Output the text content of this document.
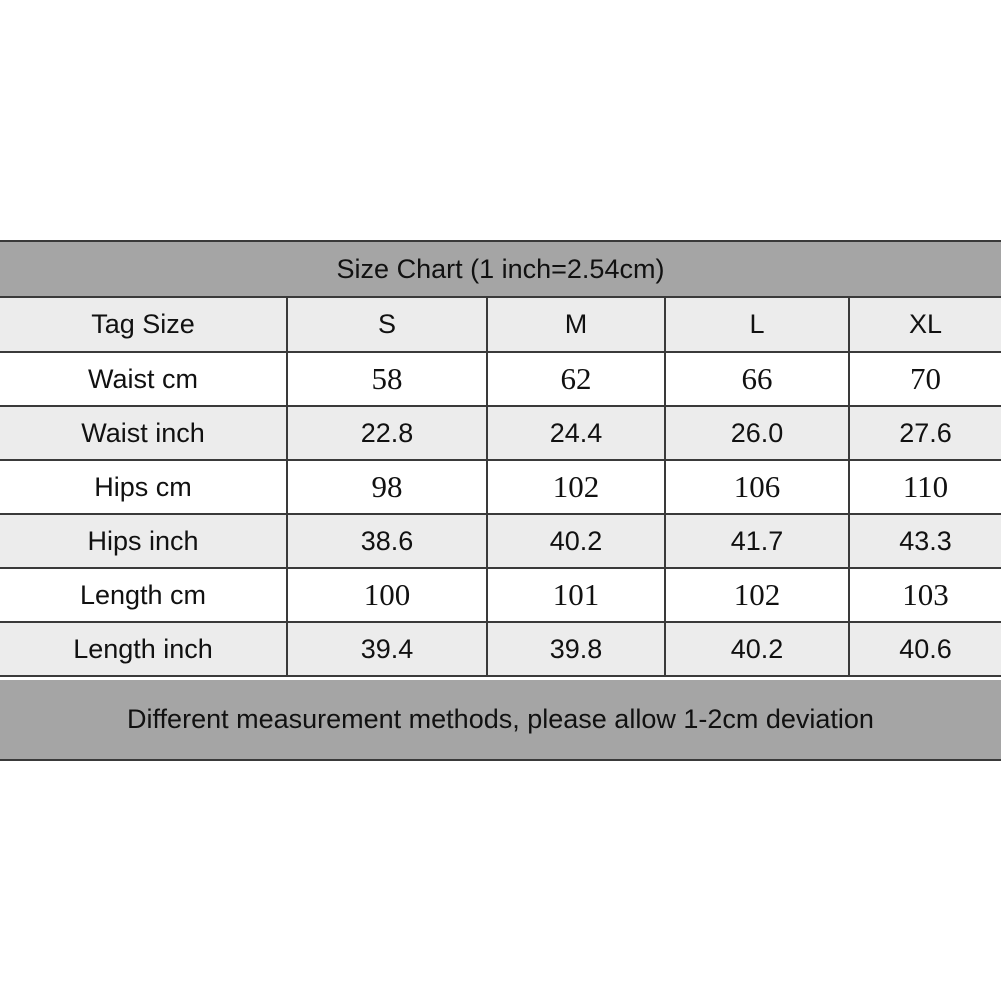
Size Chart (1 inch=2.54cm)
Tag Size	S	M	L	XL
Waist cm	58	62	66	70
Waist inch	22.8	24.4	26.0	27.6
Hips cm	98	102	106	110
Hips inch	38.6	40.2	41.7	43.3
Length cm	100	101	102	103
Length inch	39.4	39.8	40.2	40.6
Different measurement methods, please allow 1-2cm deviation
